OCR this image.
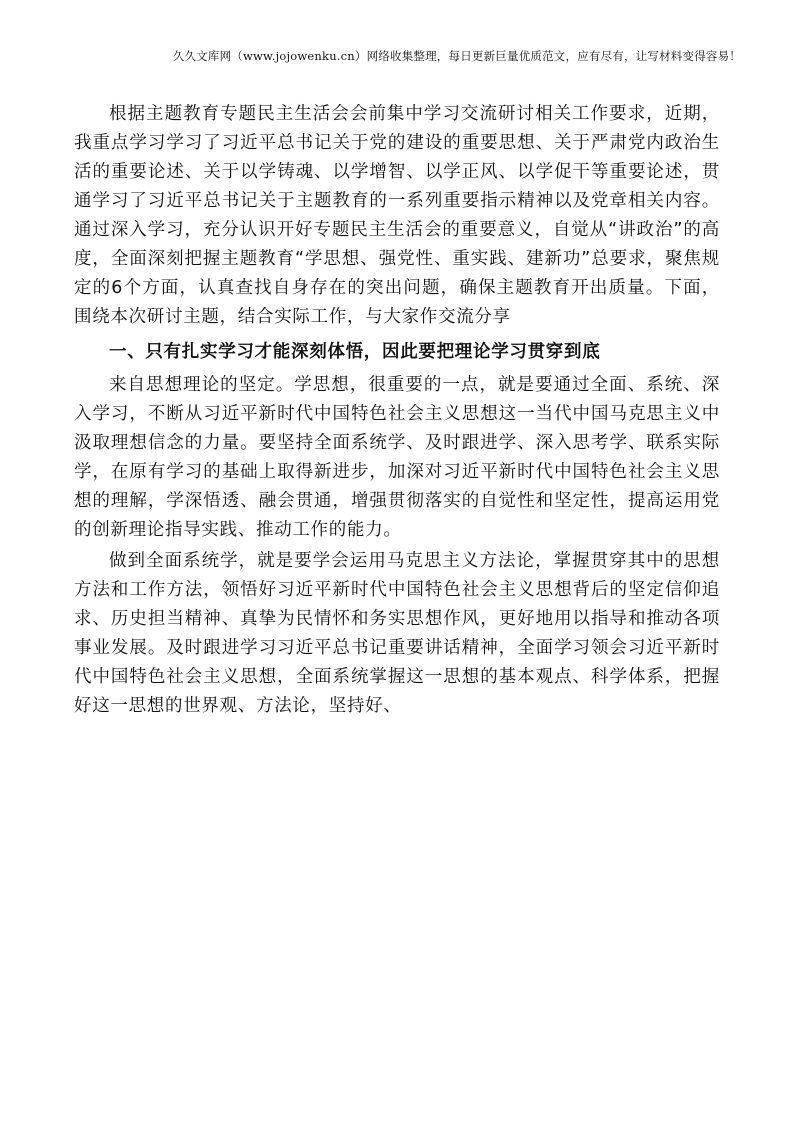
久久文库网（www.jojowenku.cn）网络收集整理，每日更新巨量优质范文，应有尽有，让写材料变得容易！

根据主题教育专题民主生活会会前集中学习交流研讨相关工作要求，近期，我重点学习学习了习近平总书记关于党的建设的重要思想、关于严肃党内政治生活的重要论述、关于以学铸魂、以学增智、以学正风、以学促干等重要论述，贯通学习了习近平总书记关于主题教育的一系列重要指示精神以及党章相关内容。通过深入学习，充分认识开好专题民主生活会的重要意义，自觉从“讲政治”的高度，全面深刻把握主题教育“学思想、强党性、重实践、建新功”总要求，聚焦规定的6个方面，认真查找自身存在的突出问题，确保主题教育开出质量。下面，围绕本次研讨主题，结合实际工作，与大家作交流分享

一、只有扎实学习才能深刻体悟，因此要把理论学习贯穿到底

来自思想理论的坚定。学思想，很重要的一点，就是要通过全面、系统、深入学习，不断从习近平新时代中国特色社会主义思想这一当代中国马克思主义中汲取理想信念的力量。要坚持全面系统学、及时跟进学、深入思考学、联系实际学，在原有学习的基础上取得新进步，加深对习近平新时代中国特色社会主义思想的理解，学深悟透、融会贯通，增强贯彻落实的自觉性和坚定性，提高运用党的创新理论指导实践、推动工作的能力。

做到全面系统学，就是要学会运用马克思主义方法论，掌握贯穿其中的思想方法和工作方法，领悟好习近平新时代中国特色社会主义思想背后的坚定信仰追求、历史担当精神、真挚为民情怀和务实思想作风，更好地用以指导和推动各项事业发展。及时跟进学习习近平总书记重要讲话精神，全面学习领会习近平新时代中国特色社会主义思想，全面系统掌握这一思想的基本观点、科学体系，把握好这一思想的世界观、方法论，坚持好、
